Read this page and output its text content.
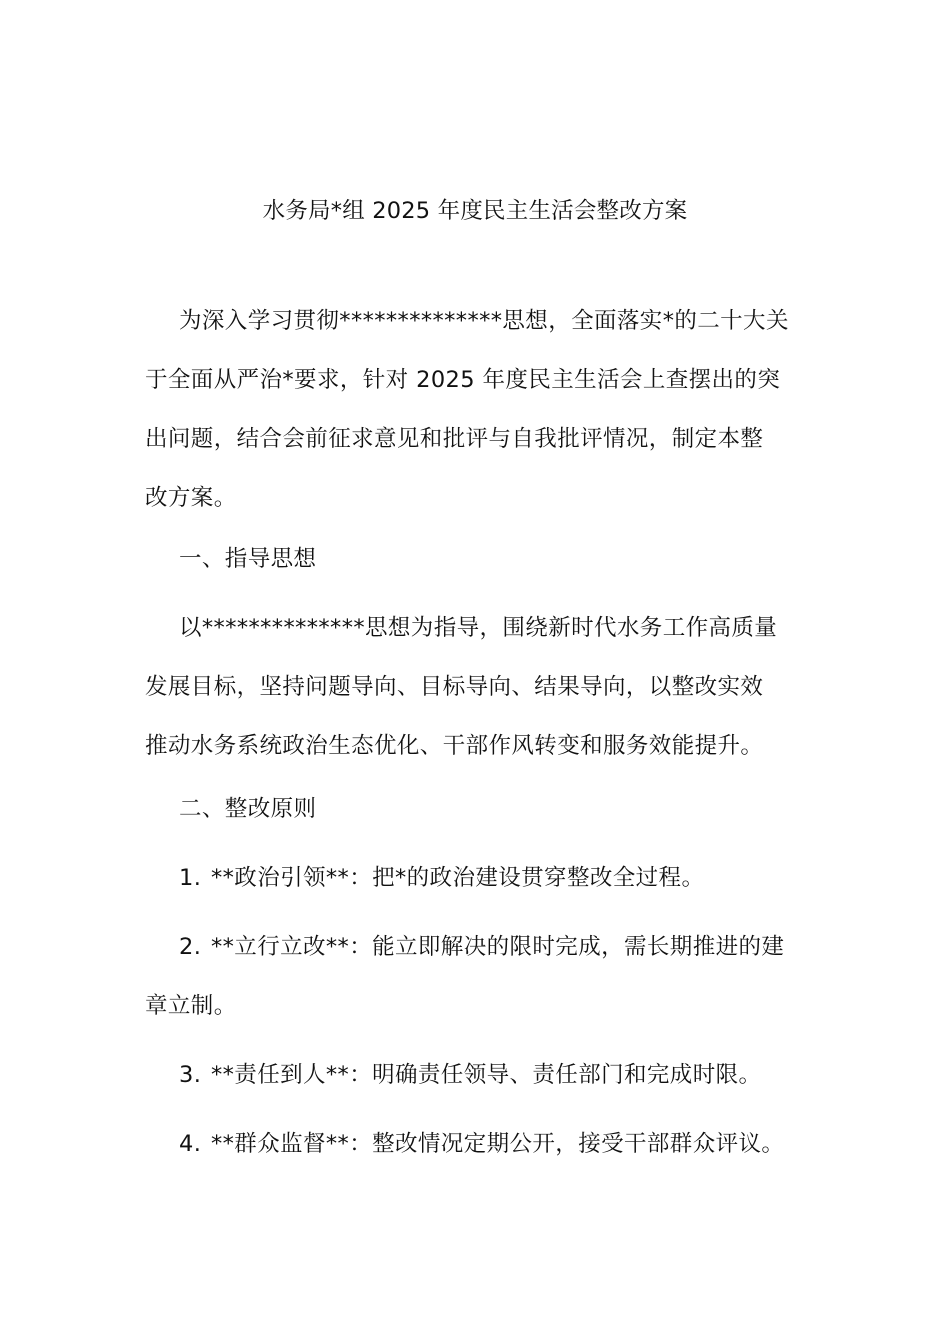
水务局*组 2025 年度民主生活会整改方案
为深入学习贯彻**************思想，全面落实*的二十大关
于全面从严治*要求，针对 2025 年度民主生活会上查摆出的突
出问题，结合会前征求意见和批评与自我批评情况，制定本整
改方案。
一、指导思想
以**************思想为指导，围绕新时代水务工作高质量
发展目标，坚持问题导向、目标导向、结果导向，以整改实效
推动水务系统政治生态优化、干部作风转变和服务效能提升。
二、整改原则
1. **政治引领**：把*的政治建设贯穿整改全过程。
2. **立行立改**：能立即解决的限时完成，需长期推进的建
章立制。
3. **责任到人**：明确责任领导、责任部门和完成时限。
4. **群众监督**：整改情况定期公开，接受干部群众评议。
